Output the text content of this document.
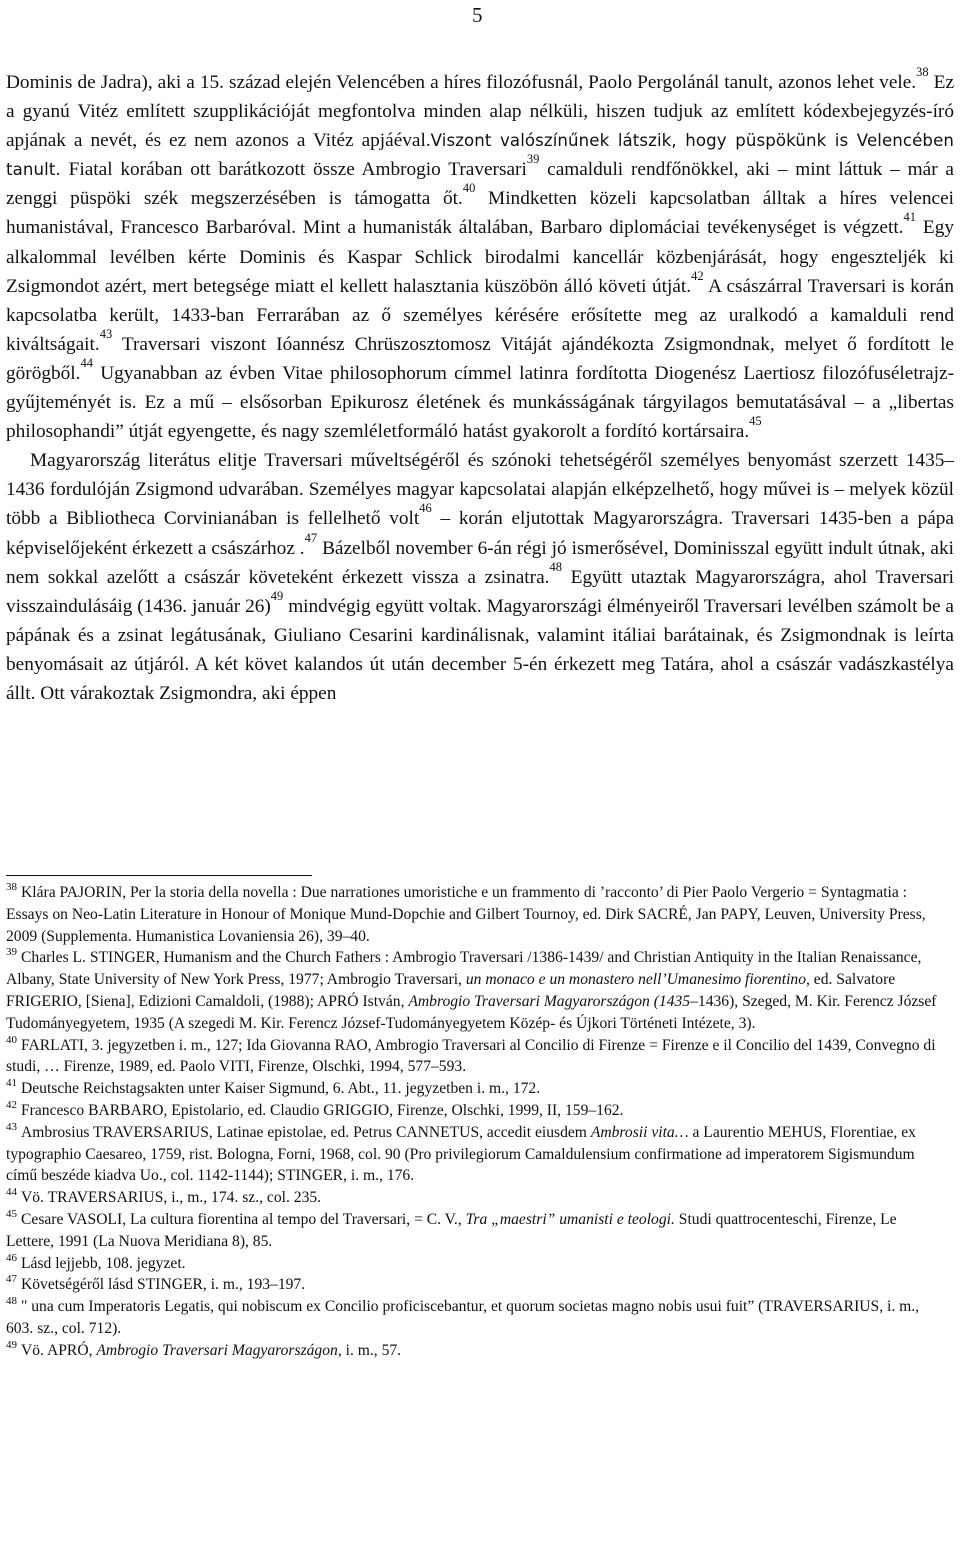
5

Dominis de Jadra), aki a 15. század elején Velencében a híres filozófusnál, Paolo Pergolánál tanult, azonos lehet vele.$^{38}$ Ez a gyanú Vitéz említett szupplikációját megfontolva minden alap nélküli, hiszen tudjuk az említett kódexbejegyzés-író apjának a nevét, és ez nem azonos a Vitéz apjáéval.Viszont valószínűnek látszik, hogy püspökünk is Velencében tanult. Fiatal korában ott barátkozott össze Ambrogio Traversari$^{39}$ camalduli rendfőnökkel, aki – mint láttuk – már a zenggi püspöki szék megszerzésében is támogatta őt.$^{40}$ Mindketten közeli kapcsolatban álltak a híres velencei humanistával, Francesco Barbaróval. Mint a humanisták általában, Barbaro diplomáciai tevékenységet is végzett.$^{41}$ Egy alkalommal levélben kérte Dominis és Kaspar Schlick birodalmi kancellár közbenjárását, hogy engeszteljék ki Zsigmondot azért, mert betegsége miatt el kellett halasztania küszöbön álló követi útját.$^{42}$ A császárral Traversari is korán kapcsolatba került, 1433-ban Ferrarában az ő személyes kérésére erősítette meg az uralkodó a kamalduli rend kiváltságait.$^{43}$ Traversari viszont Ióannész Chrüszosztomosz Vitáját ajándékozta Zsigmondnak, melyet ő fordított le görögből.$^{44}$ Ugyanabban az évben Vitae philosophorum címmel latinra fordította Diogenész Laertiosz filozófuséletrajz-gyűjteményét is. Ez a mű – elsősorban Epikurosz életének és munkásságának tárgyilagos bemutatásával – a „libertas philosophandi” útját egyengette, és nagy szemléletformáló hatást gyakorolt a fordító kortársaira.$^{45}$

Magyarország literátus elitje Traversari műveltségéről és szónoki tehetségéről személyes benyomást szerzett 1435–1436 fordulóján Zsigmond udvarában. Személyes magyar kapcsolatai alapján elképzelhető, hogy művei is – melyek közül több a Bibliotheca Corvinianában is fellelhető volt$^{46}$ – korán eljutottak Magyarországra. Traversari 1435-ben a pápa képviselőjeként érkezett a császárhoz .$^{47}$ Bázelből november 6-án régi jó ismerősével, Dominisszal együtt indult útnak, aki nem sokkal azelőtt a császár követeként érkezett vissza a zsinatra.$^{48}$ Együtt utaztak Magyarországra, ahol Traversari visszaindulásáig (1436. január 26)$^{49}$ mindvégig együtt voltak. Magyarországi élményeiről Traversari levélben számolt be a pápának és a zsinat legátusának, Giuliano Cesarini kardinálisnak, valamint itáliai barátainak, és Zsigmondnak is leírta benyomásait az útjáról. A két követ kalandos út után december 5-én érkezett meg Tatára, ahol a császár vadászkastélya állt. Ott várakoztak Zsigmondra, aki éppen

$^{38}$ Klára PAJORIN, Per la storia della novella : Due narrationes umoristiche e un frammento di ’racconto’ di Pier Paolo Vergerio = Syntagmatia : Essays on Neo-Latin Literature in Honour of Monique Mund-Dopchie and Gilbert Tournoy, ed. Dirk SACRÉ, Jan PAPY, Leuven, University Press, 2009 (Supplementa. Humanistica Lovaniensia 26), 39–40.

$^{39}$ Charles L. STINGER, Humanism and the Church Fathers : Ambrogio Traversari /1386-1439/ and Christian Antiquity in the Italian Renaissance, Albany, State University of New York Press, 1977; Ambrogio Traversari, un monaco e un monastero nell’Umanesimo fiorentino, ed. Salvatore FRIGERIO, [Siena], Edizioni Camaldoli, (1988); APRÓ István, Ambrogio Traversari Magyarországon (1435–1436), Szeged, M. Kir. Ferencz József Tudományegyetem, 1935 (A szegedi M. Kir. Ferencz József-Tudományegyetem Közép- és Újkori Történeti Intézete, 3).

$^{40}$ FARLATI, 3. jegyzetben i. m., 127; Ida Giovanna RAO, Ambrogio Traversari al Concilio di Firenze = Firenze e il Concilio del 1439, Convegno di studi, … Firenze, 1989, ed. Paolo VITI, Firenze, Olschki, 1994, 577–593.

$^{41}$ Deutsche Reichstagsakten unter Kaiser Sigmund, 6. Abt., 11. jegyzetben i. m., 172.

$^{42}$ Francesco BARBARO, Epistolario, ed. Claudio GRIGGIO, Firenze, Olschki, 1999, II, 159–162.

$^{43}$ Ambrosius TRAVERSARIUS, Latinae epistolae, ed. Petrus CANNETUS, accedit eiusdem Ambrosii vita… a Laurentio MEHUS, Florentiae, ex typographio Caesareo, 1759, rist. Bologna, Forni, 1968, col. 90 (Pro privilegiorum Camaldulensium confirmatione ad imperatorem Sigismundum című beszéde kiadva Uo., col. 1142-1144); STINGER, i. m., 176.

$^{44}$ Vö. TRAVERSARIUS, i., m., 174. sz., col. 235.

$^{45}$ Cesare VASOLI, La cultura fiorentina al tempo del Traversari, = C. V., Tra „maestri” umanisti e teologi. Studi quattrocenteschi, Firenze, Le Lettere, 1991 (La Nuova Meridiana 8), 85.

$^{46}$ Lásd lejjebb, 108. jegyzet.

$^{47}$ Követségéről lásd STINGER, i. m., 193–197.

$^{48}$ " una cum Imperatoris Legatis, qui nobiscum ex Concilio proficiscebantur, et quorum societas magno nobis usui fuit” (TRAVERSARIUS, i. m., 603. sz., col. 712).

$^{49}$ Vö. APRÓ, Ambrogio Traversari Magyarországon, i. m., 57.
